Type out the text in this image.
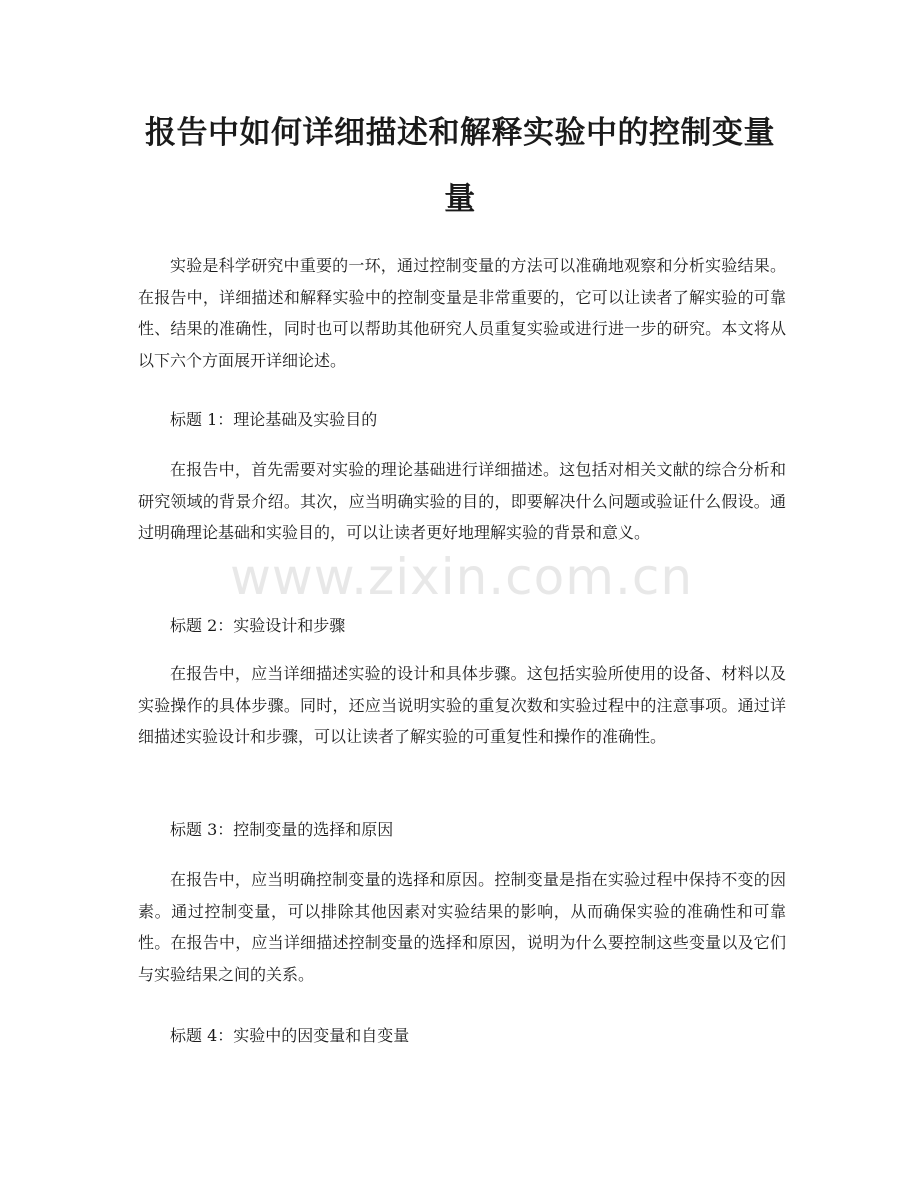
报告中如何详细描述和解释实验中的控制变量量

实验是科学研究中重要的一环，通过控制变量的方法可以准确地观察和分析实验结果。在报告中，详细描述和解释实验中的控制变量是非常重要的，它可以让读者了解实验的可靠性、结果的准确性，同时也可以帮助其他研究人员重复实验或进行进一步的研究。本文将从以下六个方面展开详细论述。

标题 1：理论基础及实验目的

在报告中，首先需要对实验的理论基础进行详细描述。这包括对相关文献的综合分析和研究领域的背景介绍。其次，应当明确实验的目的，即要解决什么问题或验证什么假设。通过明确理论基础和实验目的，可以让读者更好地理解实验的背景和意义。

标题 2：实验设计和步骤

在报告中，应当详细描述实验的设计和具体步骤。这包括实验所使用的设备、材料以及实验操作的具体步骤。同时，还应当说明实验的重复次数和实验过程中的注意事项。通过详细描述实验设计和步骤，可以让读者了解实验的可重复性和操作的准确性。

标题 3：控制变量的选择和原因

在报告中，应当明确控制变量的选择和原因。控制变量是指在实验过程中保持不变的因素。通过控制变量，可以排除其他因素对实验结果的影响，从而确保实验的准确性和可靠性。在报告中，应当详细描述控制变量的选择和原因，说明为什么要控制这些变量以及它们与实验结果之间的关系。

标题 4：实验中的因变量和自变量

www.zixin.com.cn
